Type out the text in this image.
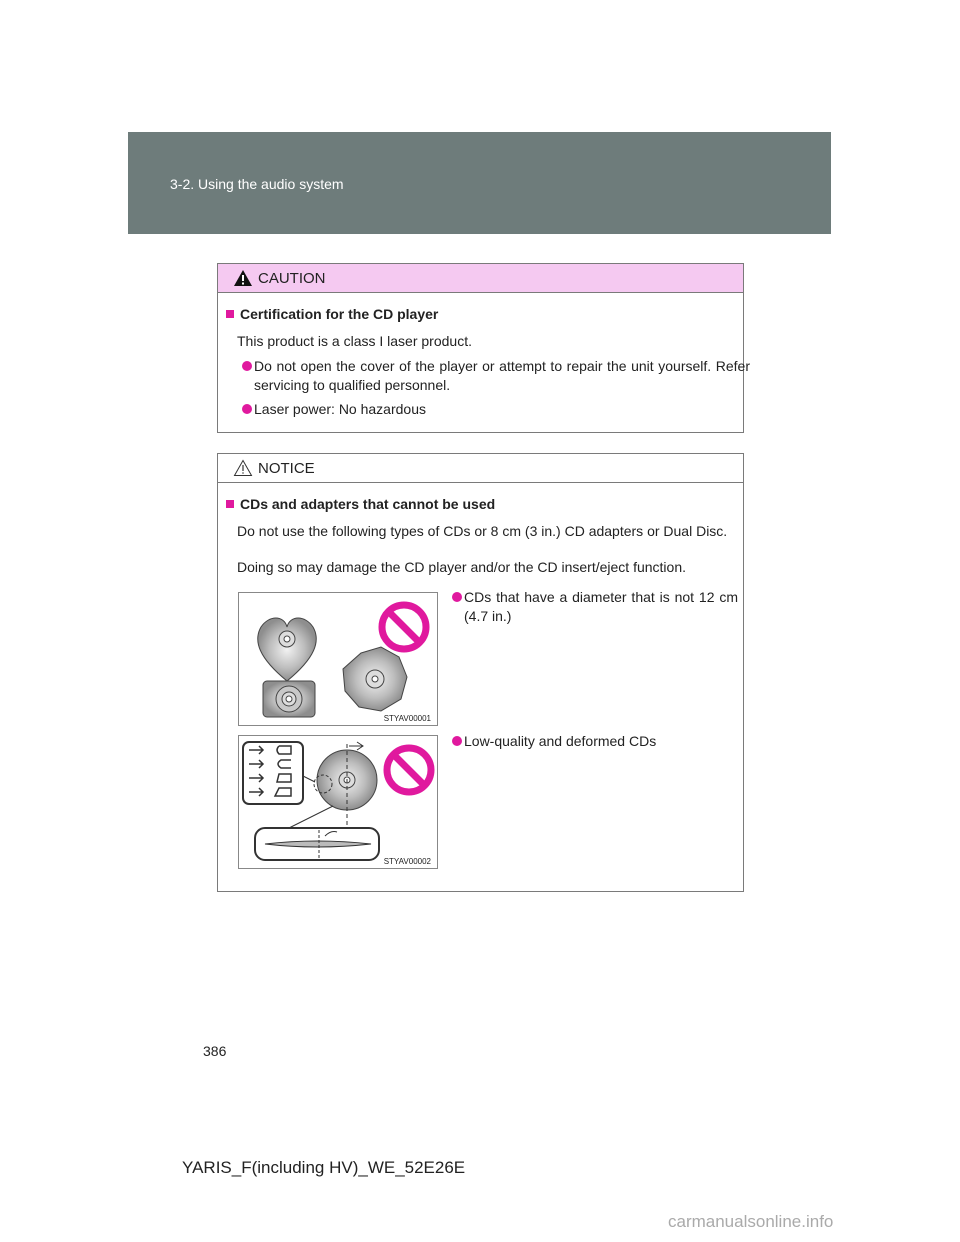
3-2. Using the audio system
CAUTION
Certification for the CD player
This product is a class I laser product.
Do not open the cover of the player or attempt to repair the unit yourself. Refer servicing to qualified personnel.
Laser power: No hazardous
NOTICE
CDs and adapters that cannot be used
Do not use the following types of CDs or 8 cm (3 in.) CD adapters or Dual Disc.
Doing so may damage the CD player and/or the CD insert/eject function.
STYAV00001
CDs that have a diameter that is not 12 cm (4.7 in.)
STYAV00002
Low-quality and deformed CDs
386
YARIS_F(including HV)_WE_52E26E
carmanualsonline.info
